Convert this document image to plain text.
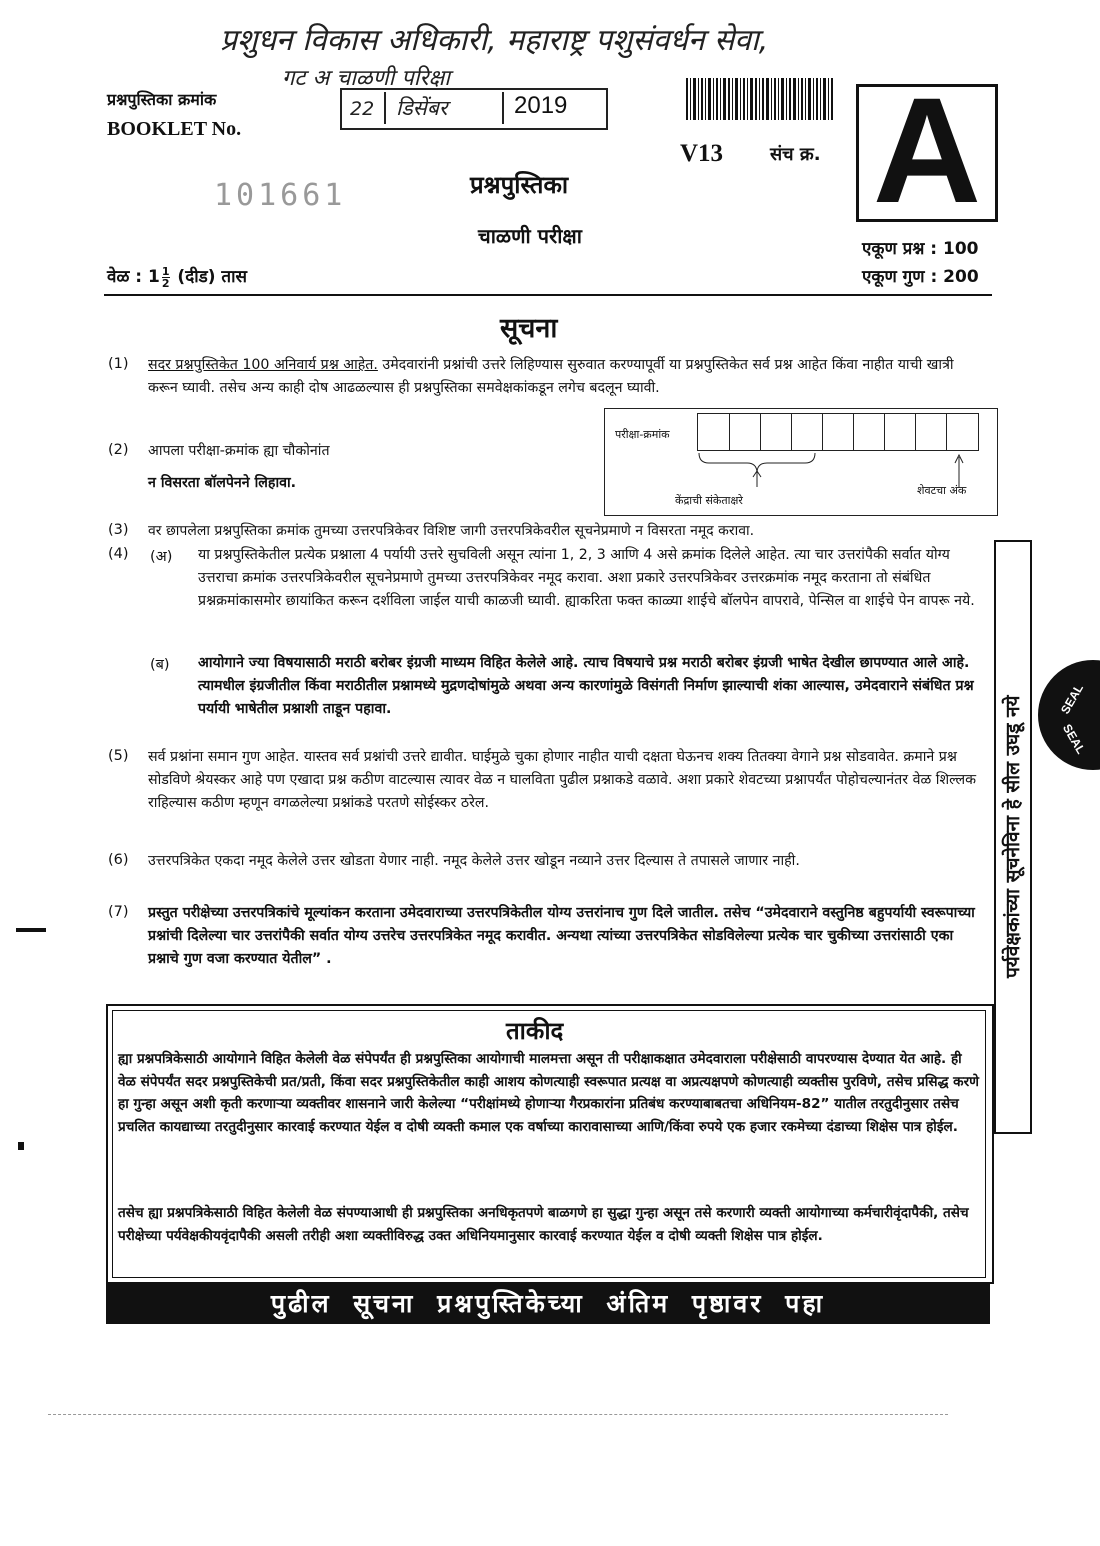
प्रशुधन विकास अधिकारी, महाराष्ट्र पशुसंवर्धन सेवा,
गट अ चाळणी परिक्षा
22 डिसेंबर	2019
प्रश्नपुस्तिका क्रमांक
BOOKLET No.
101661
V13	संच क्र. A
प्रश्नपुस्तिका
चाळणी परीक्षा
एकूण प्रश्न : 100
एकूण गुण : 200
वेळ : $1 \frac{1}{2}$ (दीड) तास
सूचना
(1) सदर प्रश्नपुस्तिकेत 100 अनिवार्य प्रश्न आहेत. उमेदवारांनी प्रश्नांची उत्तरे लिहिण्यास सुरुवात करण्यापूर्वी या प्रश्नपुस्तिकेत सर्व प्रश्न आहेत किंवा नाहीत याची खात्री करून घ्यावी. तसेच अन्य काही दोष आढळल्यास ही प्रश्नपुस्तिका समवेक्षकांकडून लगेच बदलून घ्यावी.
(2) आपला परीक्षा-क्रमांक ह्या चौकोनांत
न विसरता बॉलपेनने लिहावा.
परीक्षा-क्रमांक
केंद्राची संकेताक्षरे
शेवटचा अंक
(3) वर छापलेला प्रश्नपुस्तिका क्रमांक तुमच्या उत्तरपत्रिकेवर विशिष्ट जागी उत्तरपत्रिकेवरील सूचनेप्रमाणे न विसरता नमूद करावा.
(4) (अ) या प्रश्नपुस्तिकेतील प्रत्येक प्रश्नाला 4 पर्यायी उत्तरे सुचविली असून त्यांना 1, 2, 3 आणि 4 असे क्रमांक दिलेले आहेत. त्या चार उत्तरांपैकी सर्वात योग्य उत्तराचा क्रमांक उत्तरपत्रिकेवरील सूचनेप्रमाणे तुमच्या उत्तरपत्रिकेवर नमूद करावा. अशा प्रकारे उत्तरपत्रिकेवर उत्तरक्रमांक नमूद करताना तो संबंधित प्रश्नक्रमांकासमोर छायांकित करून दर्शविला जाईल याची काळजी घ्यावी. ह्याकरिता फक्त काळ्या शाईचे बॉलपेन वापरावे, पेन्सिल वा शाईचे पेन वापरू नये.
(ब) आयोगाने ज्या विषयासाठी मराठी बरोबर इंग्रजी माध्यम विहित केलेले आहे. त्याच विषयाचे प्रश्न मराठी बरोबर इंग्रजी भाषेत देखील छापण्यात आले आहे. त्यामधील इंग्रजीतील किंवा मराठीतील प्रश्नामध्ये मुद्रणदोषांमुळे अथवा अन्य कारणांमुळे विसंगती निर्माण झाल्याची शंका आल्यास, उमेदवाराने संबंधित प्रश्न पर्यायी भाषेतील प्रश्नाशी ताडून पहावा.
(5) सर्व प्रश्नांना समान गुण आहेत. यास्तव सर्व प्रश्नांची उत्तरे द्यावीत. घाईमुळे चुका होणार नाहीत याची दक्षता घेऊनच शक्य तितक्या वेगाने प्रश्न सोडवावेत. क्रमाने प्रश्न सोडविणे श्रेयस्कर आहे पण एखादा प्रश्न कठीण वाटल्यास त्यावर वेळ न घालविता पुढील प्रश्नाकडे वळावे. अशा प्रकारे शेवटच्या प्रश्नापर्यंत पोहोचल्यानंतर वेळ शिल्लक राहिल्यास कठीण म्हणून वगळलेल्या प्रश्नांकडे परतणे सोईस्कर ठरेल.
(6) उत्तरपत्रिकेत एकदा नमूद केलेले उत्तर खोडता येणार नाही. नमूद केलेले उत्तर खोडून नव्याने उत्तर दिल्यास ते तपासले जाणार नाही.
(7) प्रस्तुत परीक्षेच्या उत्तरपत्रिकांचे मूल्यांकन करताना उमेदवाराच्या उत्तरपत्रिकेतील योग्य उत्तरांनाच गुण दिले जातील. तसेच “उमेदवाराने वस्तुनिष्ठ बहुपर्यायी स्वरूपाच्या प्रश्नांची दिलेल्या चार उत्तरांपैकी सर्वात योग्य उत्तरेच उत्तरपत्रिकेत नमूद करावीत. अन्यथा त्यांच्या उत्तरपत्रिकेत सोडविलेल्या प्रत्येक चार चुकीच्या उत्तरांसाठी एका प्रश्नाचे गुण वजा करण्यात येतील” .
ताकीद
ह्या प्रश्नपत्रिकेसाठी आयोगाने विहित केलेली वेळ संपेपर्यंत ही प्रश्नपुस्तिका आयोगाची मालमत्ता असून ती परीक्षाकक्षात उमेदवाराला परीक्षेसाठी वापरण्यास देण्यात येत आहे. ही वेळ संपेपर्यंत सदर प्रश्नपुस्तिकेची प्रत/प्रती, किंवा सदर प्रश्नपुस्तिकेतील काही आशय कोणत्याही स्वरूपात प्रत्यक्ष वा अप्रत्यक्षपणे कोणत्याही व्यक्तीस पुरविणे, तसेच प्रसिद्ध करणे हा गुन्हा असून अशी कृती करणाऱ्या व्यक्तीवर शासनाने जारी केलेल्या “परीक्षांमध्ये होणाऱ्या गैरप्रकारांना प्रतिबंध करण्याबाबतचा अधिनियम-82” यातील तरतुदीनुसार तसेच प्रचलित कायद्याच्या तरतुदीनुसार कारवाई करण्यात येईल व दोषी व्यक्ती कमाल एक वर्षाच्या कारावासाच्या आणि/किंवा रुपये एक हजार रकमेच्या दंडाच्या शिक्षेस पात्र होईल.
तसेच ह्या प्रश्नपत्रिकेसाठी विहित केलेली वेळ संपण्याआधी ही प्रश्नपुस्तिका अनधिकृतपणे बाळगणे हा सुद्धा गुन्हा असून तसे करणारी व्यक्ती आयोगाच्या कर्मचारीवृंदापैकी, तसेच परीक्षेच्या पर्यवेक्षकीयवृंदापैकी असली तरीही अशा व्यक्तीविरुद्ध उक्त अधिनियमानुसार कारवाई करण्यात येईल व दोषी व्यक्ती शिक्षेस पात्र होईल.
पुढील सूचना प्रश्नपुस्तिकेच्या अंतिम पृष्ठावर पहा
पर्यवेक्षकांच्या सूचनेविना हे सील उघडू नये	SEAL
SEAL
